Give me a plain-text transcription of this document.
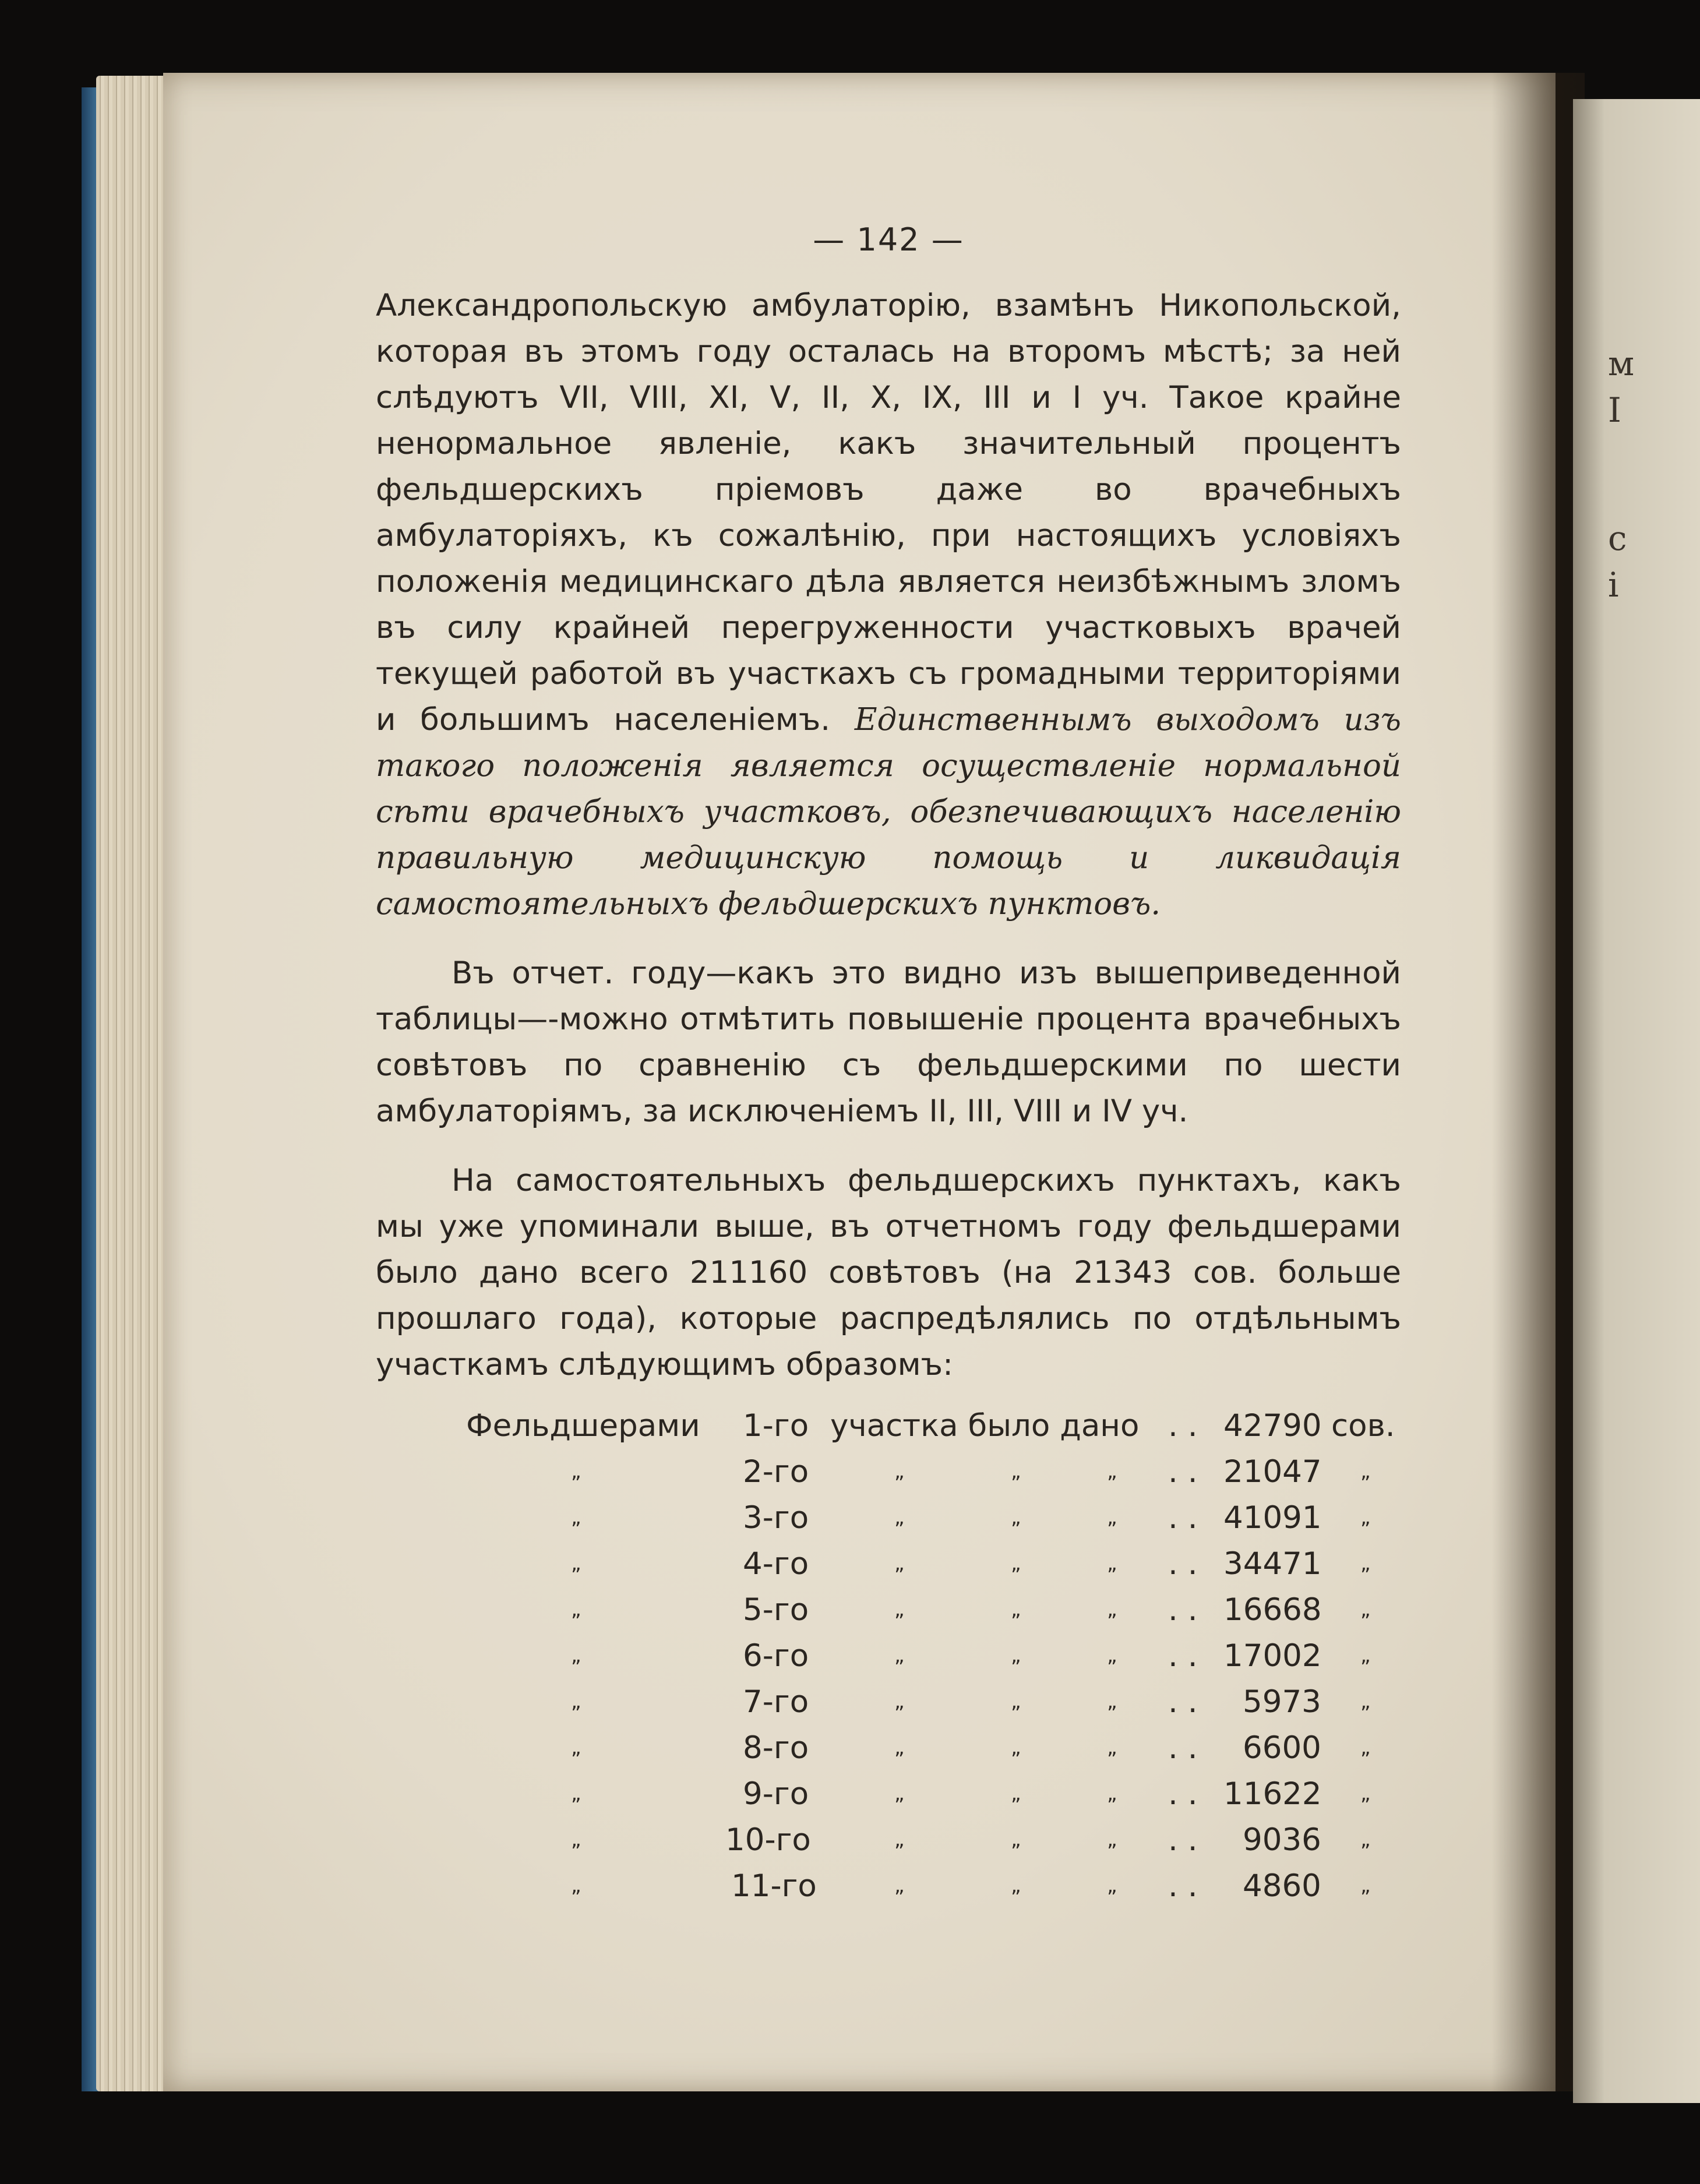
м
I
с
і
— 142 —

Александропольскую амбулаторію, взамѣнъ Никопольской, которая въ этомъ году осталась на второмъ мѣстѣ; за ней слѣдуютъ VII, VIII, XI, V, II, X, IX, III и I уч. Такое крайне ненормальное явленіе, какъ значительный процентъ фельдшерскихъ пріемовъ даже во врачебныхъ амбулаторіяхъ, къ сожалѣнію, при настоящихъ условіяхъ положенія медицинскаго дѣла является неизбѣжнымъ зломъ въ силу крайней перегруженности участковыхъ врачей текущей работой въ участкахъ съ громадными территоріями и большимъ населеніемъ. Единственнымъ выходомъ изъ такого положенія является осуществленіе нормальной сѣти врачебныхъ участковъ, обезпечивающихъ населенію правильную медицинскую помощь и ликвидація самостоятельныхъ фельдшерскихъ пунктовъ.

Въ отчет. году—какъ это видно изъ вышеприведенной таблицы—-можно отмѣтить повышеніе процента врачебныхъ совѣтовъ по сравненію съ фельдшерскими по шести амбулаторіямъ, за исключеніемъ II, III, VIII и IV уч.

На самостоятельныхъ фельдшерскихъ пунктахъ, какъ мы уже упоминали выше, въ отчетномъ году фельдшерами было дано всего 211160 совѣтовъ (на 21343 сов. больше прошлаго года), которые распредѣлялись по отдѣльнымъ участкамъ слѣдующимъ образомъ:

Фельдшерами 1-го участка было дано . . 42790 сов.
„	2-го	„	„	„ . . 21047 „
„	3-го	„	„	„ . . 41091 „
„	4-го	„	„	„ . . 34471 „
„	5-го	„	„	„ . . 16668 „
„	6-го	„	„	„ . . 17002 „
„	7-го	„	„	„ . . 5973 „
„	8-го	„	„	„ . . 6600 „
„	9-го	„	„	„ . . 11622 „
„	10-го	„	„	„ . . 9036 „
„	11-го	„	„	„ . . 4860 „
